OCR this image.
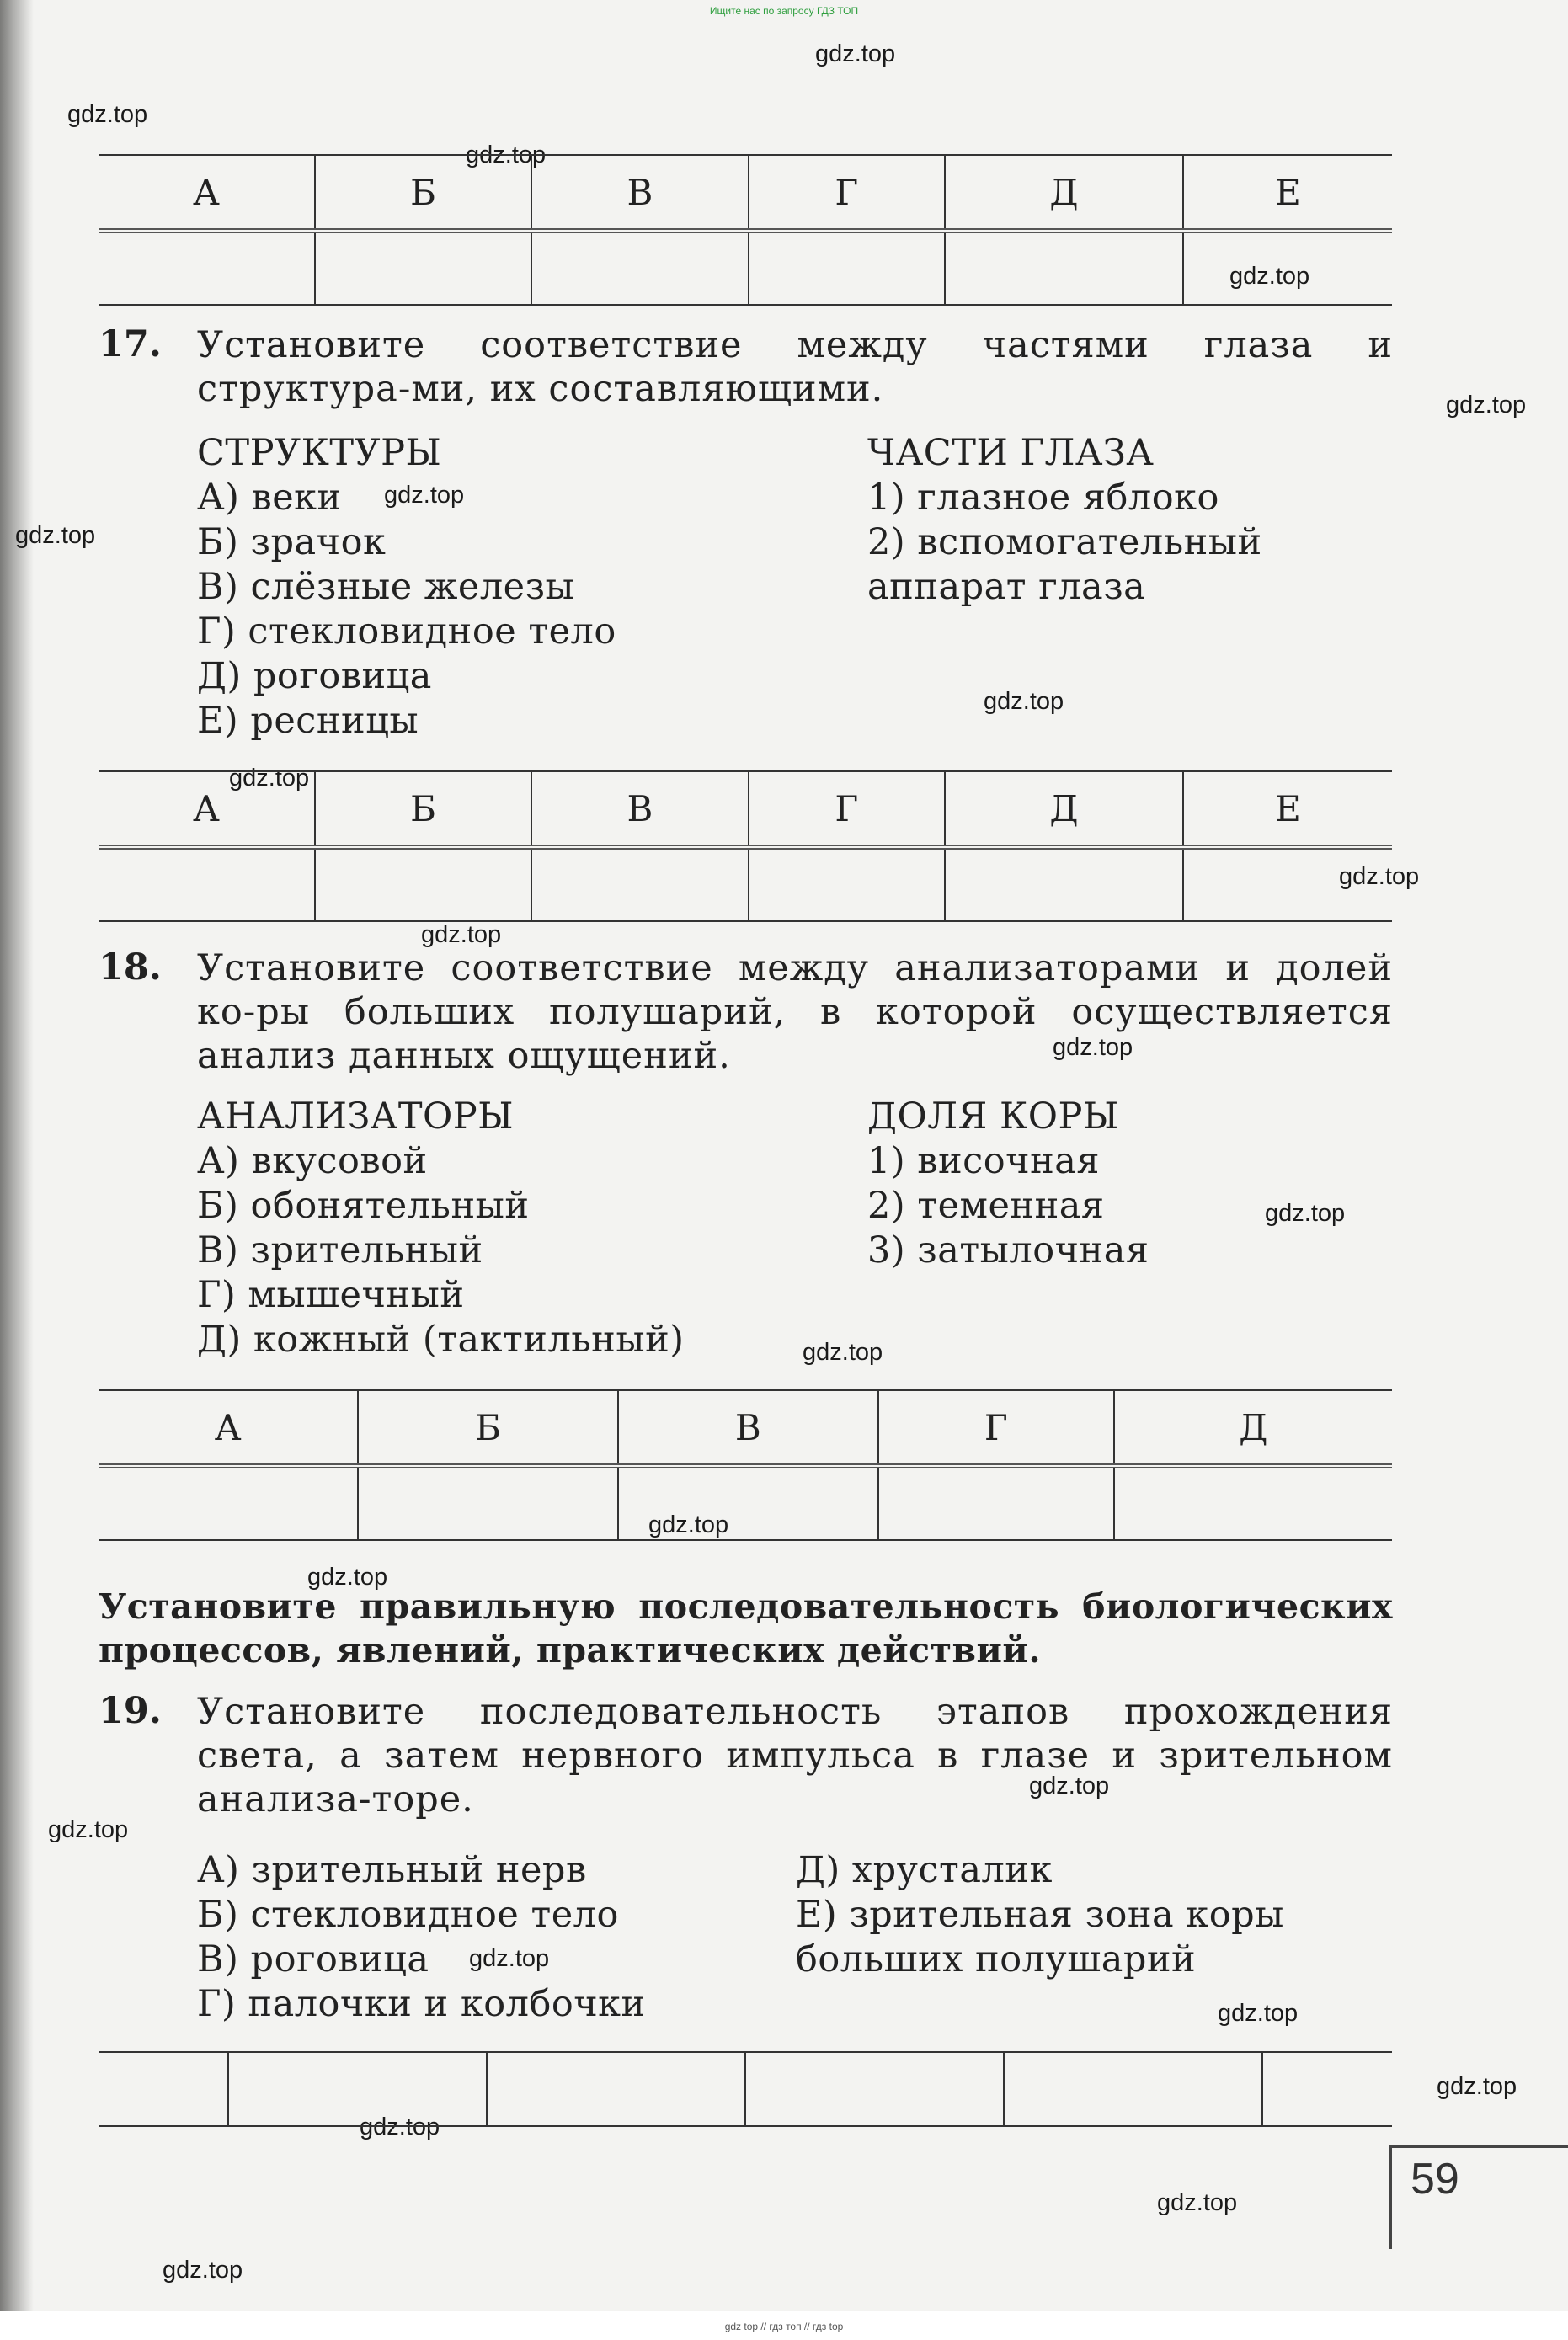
Ищите нас по запросу ГДЗ ТОП
gdz.top
gdz.top
gdz.top
gdz.top
gdz.top
gdz.top
gdz.top
gdz.top
gdz.top
gdz.top
gdz.top
gdz.top
gdz.top
gdz.top
gdz.top
gdz.top
gdz.top
gdz.top
gdz.top
gdz.top
gdz.top
gdz.top
gdz.top
gdz.top
А	Б	В	Г	Д	Е

17. Установите соответствие между частями глаза и структура-ми, их составляющими.
СТРУКТУРЫ
А) веки
Б) зрачок
В) слёзные железы
Г) стекловидное тело
Д) роговица
Е) ресницы
ЧАСТИ ГЛАЗА
1) глазное яблоко
2) вспомогательный
аппарат глаза
А	Б	В	Г	Д	Е

18. Установите соответствие между анализаторами и долей ко-ры больших полушарий, в которой осуществляется анализ данных ощущений.
АНАЛИЗАТОРЫ
А) вкусовой
Б) обонятельный
В) зрительный
Г) мышечный
Д) кожный (тактильный)
ДОЛЯ КОРЫ
1) височная
2) теменная
3) затылочная
А	Б	В	Г	Д

Установите правильную последовательность биологических процессов, явлений, практических действий.
19. Установите последовательность этапов прохождения света, а затем нервного импульса в глазе и зрительном анализа-торе.
А) зрительный нерв
Б) стекловидное тело
В) роговица
Г) палочки и колбочки
Д) хрусталик
Е) зрительная зона коры
больших полушарий

59
gdz top // гдз топ // гдз top
